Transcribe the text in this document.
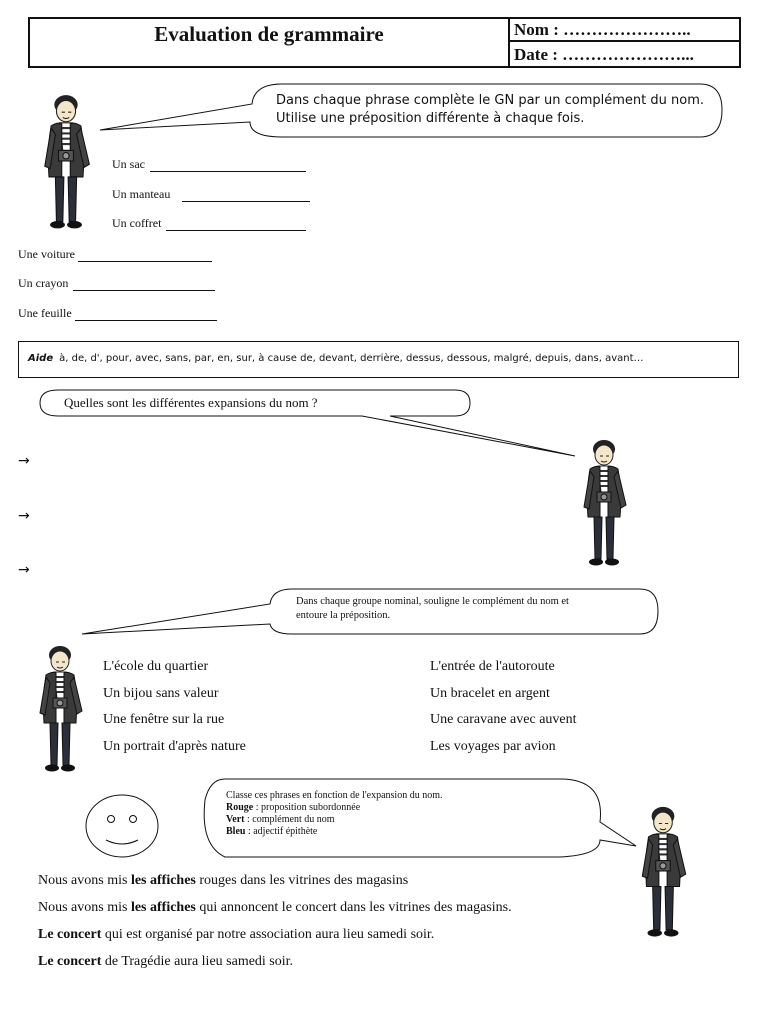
Evaluation de grammaire	Nom : …………………..
Date : …………………...
Dans chaque phrase complète le GN par un complément du nom. Utilise une préposition différente à chaque fois.
Un sac
Un manteau
Un coffret
Une voiture
Un crayon
Une feuille
Aide à, de, d', pour, avec, sans, par, en, sur, à cause de, devant, derrière, dessus, dessous, malgré, depuis, dans, avant…
Quelles sont les différentes expansions du nom ?
→
→
→
Dans chaque groupe nominal, souligne le complément du nom et entoure la préposition.
L'école du quartier
Un bijou sans valeur
Une fenêtre sur la rue
Un portrait d'après nature
L'entrée de l'autoroute
Un bracelet en argent
Une caravane avec auvent
Les voyages par avion
Classe ces phrases en fonction de l'expansion du nom.
Rouge : proposition subordonnée
Vert : complément du nom
Bleu : adjectif épithète
Nous avons mis les affiches rouges dans les vitrines des magasins
Nous avons mis les affiches qui annoncent le concert dans les vitrines des magasins.
Le concert qui est organisé par notre association aura lieu samedi soir.
Le concert de Tragédie aura lieu samedi soir.
